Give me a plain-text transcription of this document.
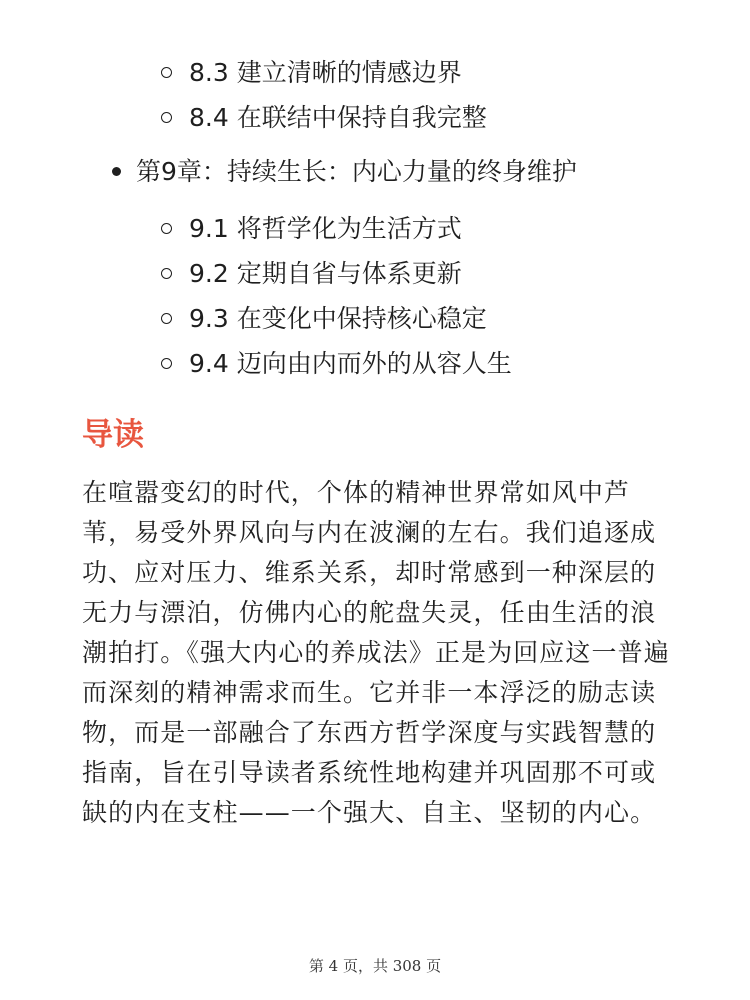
8.3 建立清晰的情感边界
8.4 在联结中保持自我完整
第9章：持续生长：内心力量的终身维护
9.1 将哲学化为生活方式
9.2 定期自省与体系更新
9.3 在变化中保持核心稳定
9.4 迈向由内而外的从容人生
导读

在喧嚣变幻的时代，个体的精神世界常如风中芦苇，易受外界风向与内在波澜的左右。我们追逐成功、应对压力、维系关系，却时常感到一种深层的无力与漂泊，仿佛内心的舵盘失灵，任由生活的浪潮拍打。《强大内心的养成法》正是为回应这一普遍而深刻的精神需求而生。它并非一本浮泛的励志读物，而是一部融合了东西方哲学深度与实践智慧的指南，旨在引导读者系统性地构建并巩固那不可或缺的内在支柱——一个强大、自主、坚韧的内心。

第 4 页，共 308 页
